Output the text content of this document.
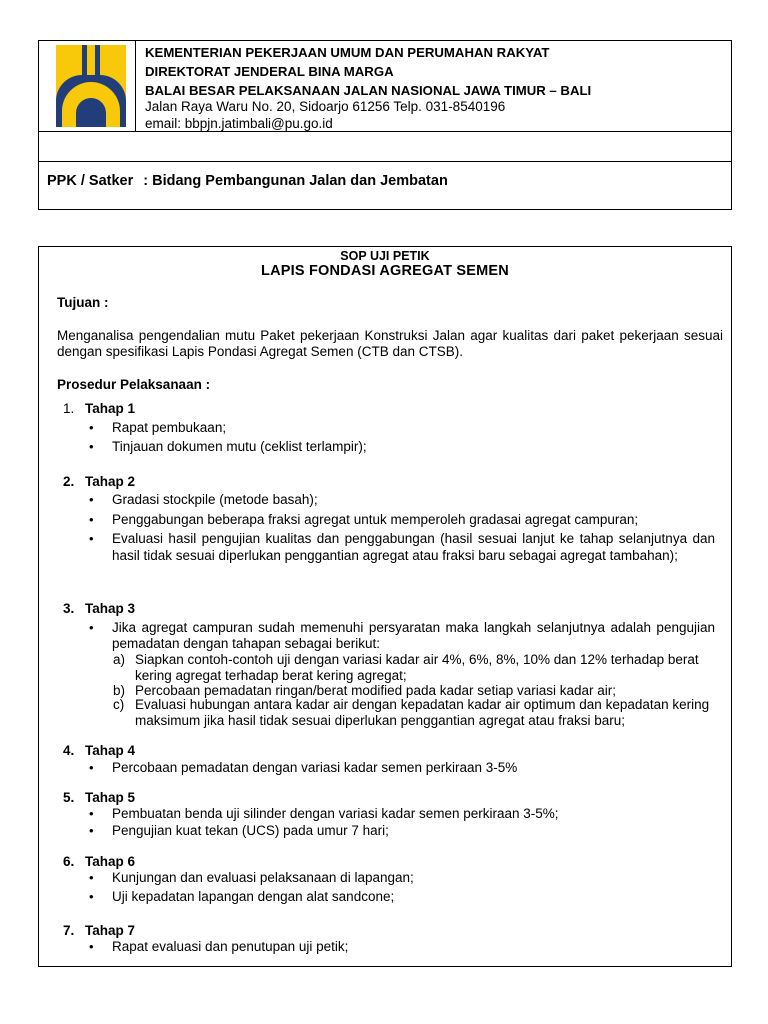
KEMENTERIAN PEKERJAAN UMUM DAN PERUMAHAN RAKYAT
DIREKTORAT JENDERAL BINA MARGA
BALAI BESAR PELAKSANAAN JALAN NASIONAL JAWA TIMUR – BALI
Jalan Raya Waru No. 20, Sidoarjo 61256 Telp. 031-8540196
email: bbpjn.jatimbali@pu.go.id
PPK / Satker : Bidang Pembangunan Jalan dan Jembatan
SOP UJI PETIK
LAPIS FONDASI AGREGAT SEMEN
Tujuan :
Menganalisa pengendalian mutu Paket pekerjaan Konstruksi Jalan agar kualitas dari paket pekerjaan sesuai dengan spesifikasi Lapis Pondasi Agregat Semen (CTB dan CTSB).
Prosedur Pelaksanaan :
1. Tahap 1
• Rapat pembukaan;
• Tinjauan dokumen mutu (ceklist terlampir);
2. Tahap 2
• Gradasi stockpile (metode basah);
• Penggabungan beberapa fraksi agregat untuk memperoleh gradasai agregat campuran;
• Evaluasi hasil pengujian kualitas dan penggabungan (hasil sesuai lanjut ke tahap selanjutnya dan hasil tidak sesuai diperlukan penggantian agregat atau fraksi baru sebagai agregat tambahan);
3. Tahap 3
• Jika agregat campuran sudah memenuhi persyaratan maka langkah selanjutnya adalah pengujian pemadatan dengan tahapan sebagai berikut:
a) Siapkan contoh-contoh uji dengan variasi kadar air 4%, 6%, 8%, 10% dan 12% terhadap berat kering agregat terhadap berat kering agregat;
b) Percobaan pemadatan ringan/berat modified pada kadar setiap variasi kadar air;
c) Evaluasi hubungan antara kadar air dengan kepadatan kadar air optimum dan kepadatan kering maksimum jika hasil tidak sesuai diperlukan penggantian agregat atau fraksi baru;
4. Tahap 4
• Percobaan pemadatan dengan variasi kadar semen perkiraan 3-5%
5. Tahap 5
• Pembuatan benda uji silinder dengan variasi kadar semen perkiraan 3-5%;
• Pengujian kuat tekan (UCS) pada umur 7 hari;
6. Tahap 6
• Kunjungan dan evaluasi pelaksanaan di lapangan;
• Uji kepadatan lapangan dengan alat sandcone;
7. Tahap 7
• Rapat evaluasi dan penutupan uji petik;
